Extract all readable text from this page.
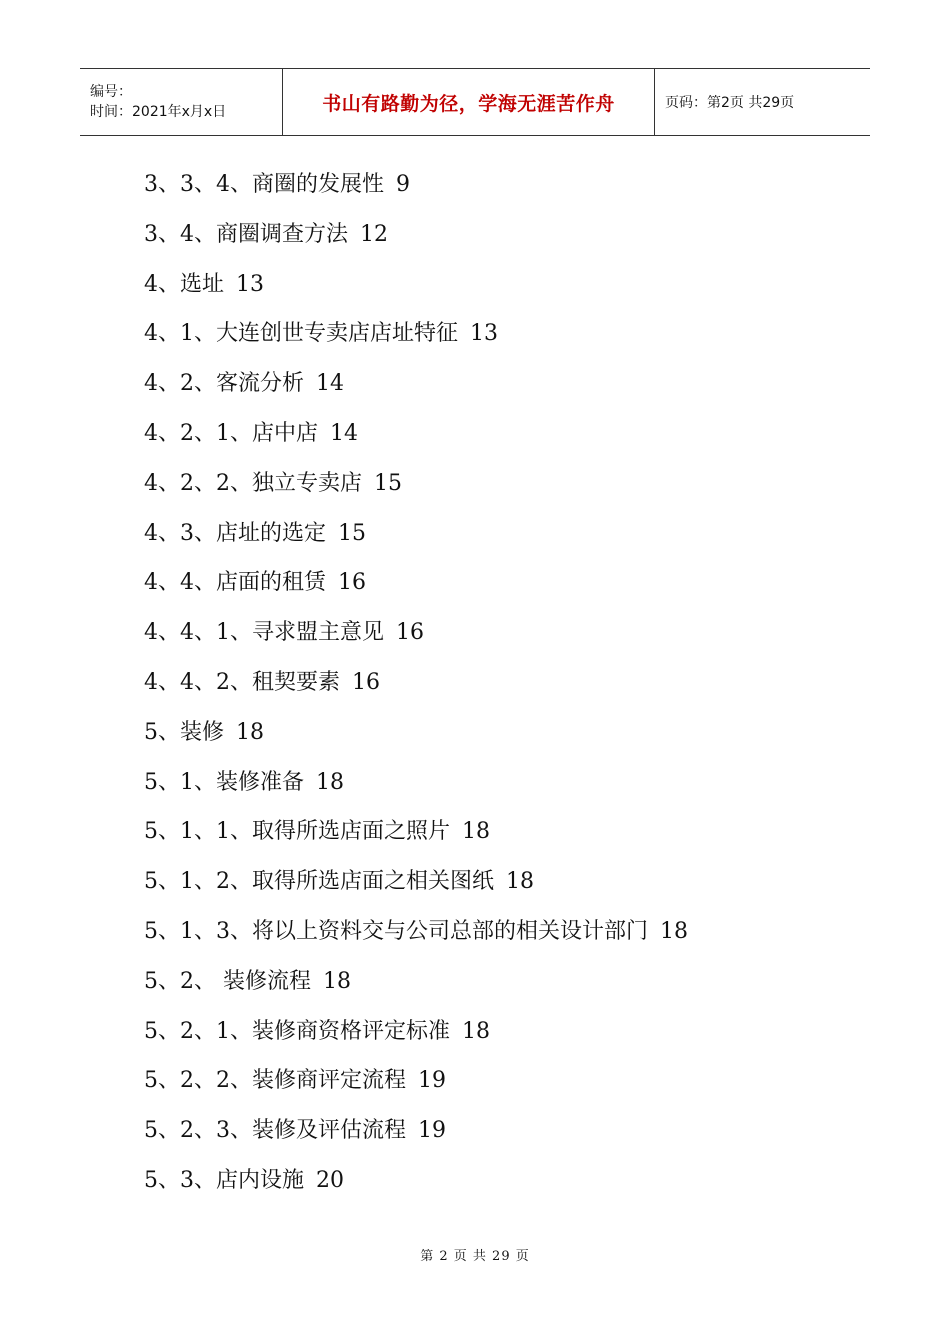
编号：
时间：2021年x月x日	书山有路勤为径，学海无涯苦作舟	页码：第2页 共29页
3、3、4、商圈的发展性 9
3、4、商圈调查方法 12
4、选址 13
4、1、大连创世专卖店店址特征 13
4、2、客流分析 14
4、2、1、店中店 14
4、2、2、独立专卖店 15
4、3、店址的选定 15
4、4、店面的租赁 16
4、4、1、寻求盟主意见 16
4、4、2、租契要素 16
5、装修 18
5、1、装修准备 18
5、1、1、取得所选店面之照片 18
5、1、2、取得所选店面之相关图纸 18
5、1、3、将以上资料交与公司总部的相关设计部门 18
5、2、 装修流程 18
5、2、1、装修商资格评定标准 18
5、2、2、装修商评定流程 19
5、2、3、装修及评估流程 19
5、3、店内设施 20
第 2 页 共 29 页
